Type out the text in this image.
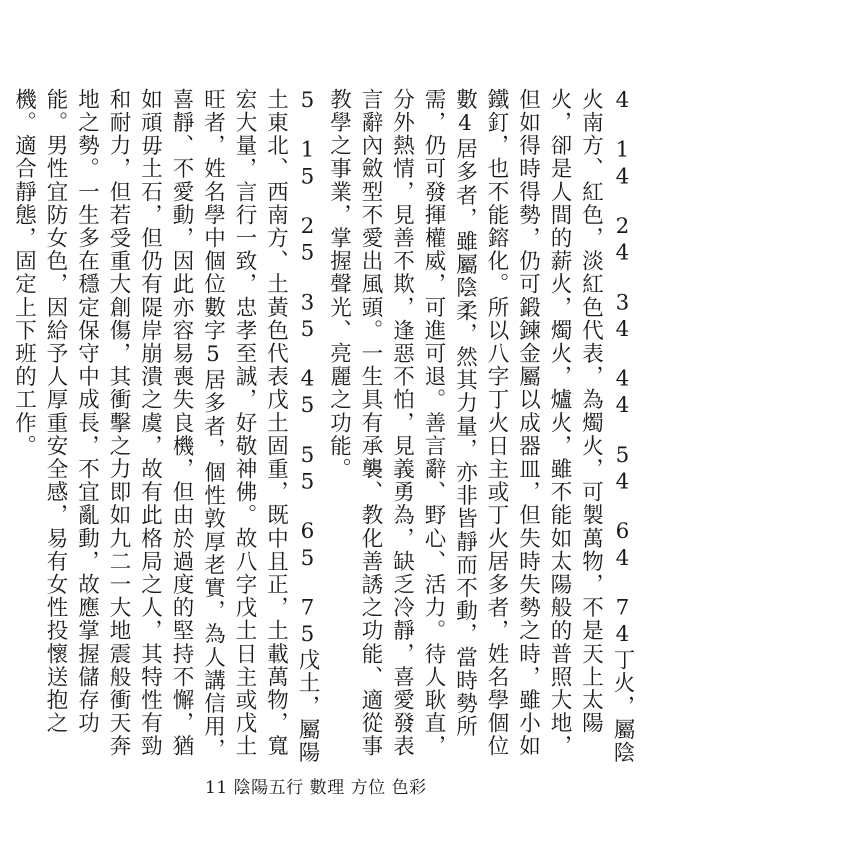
4　14　24　34　44　54　64　74丁火，屬陰火南方、紅色，淡紅色代表，為燭火，可製萬物，不是天上太陽火，卻是人間的薪火，燭火，爐火，雖不能如太陽般的普照大地，但如得時得勢，仍可鍛鍊金屬以成器皿，但失時失勢之時，雖小如鐵釘，也不能鎔化。所以八字丁火日主或丁火居多者，姓名學個位數4居多者，雖屬陰柔，然其力量，亦非皆靜而不動，當時勢所需，仍可發揮權威，可進可退。善言辭、野心、活力。待人耿直，分外熱情，見善不欺，逢惡不怕，見義勇為，缺乏冷靜，喜愛發表言辭內斂型不愛出風頭。一生具有承襲、教化善誘之功能、適從事教學之事業，掌握聲光、亮麗之功能。

5　15　25　35　45　55　65　75戊土，屬陽土東北、西南方、土黃色代表戊土固重，既中且正，土載萬物，寬宏大量，言行一致，忠孝至誠，好敬神佛。故八字戊土日主或戊土旺者，姓名學中個位數字5居多者，個性敦厚老實，為人講信用，喜靜、不愛動，因此亦容易喪失良機，但由於過度的堅持不懈，猶如頑毋土石，但仍有隄岸崩潰之虞，故有此格局之人，其特性有勁和耐力，但若受重大創傷，其衝擊之力即如九二一大地震般衝天奔地之勢。一生多在穩定保守中成長，不宜亂動，故應掌握儲存功能。男性宜防女色，因給予人厚重安全感，易有女性投懷送抱之機。適合靜態，固定上下班的工作。

11 陰陽五行 數理 方位 色彩
